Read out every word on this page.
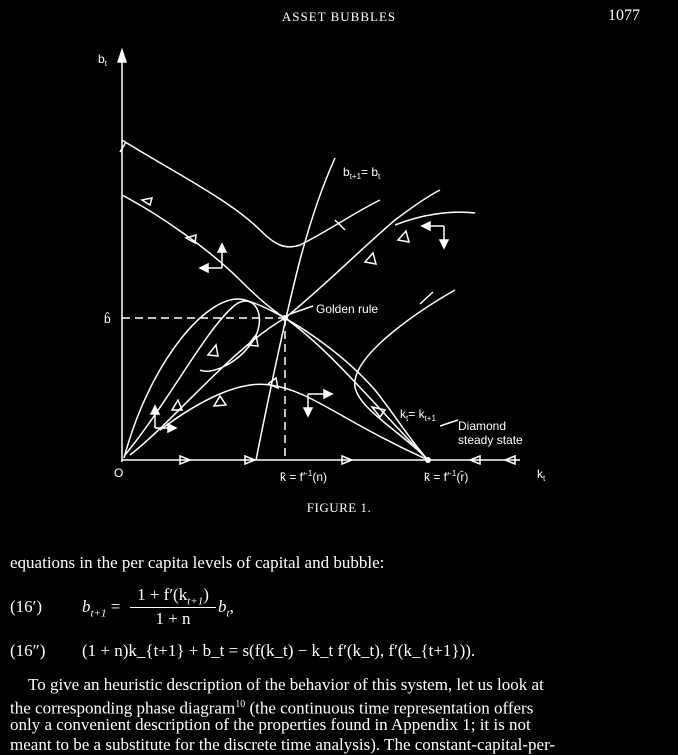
ASSET BUBBLES	1077
$b_t$
$k_t$
O
b̂
$b_{t+1}= b_t$
Golden rule
$k_t= k_{t+1}$
Diamond
steady state
k̂ = $f'^{-1}(n)$	k̄ = $f'^{-1}(r̄)$
FIGURE 1.
equations in the per capita levels of capital and bubble:
(16′) $b_{t+1}$ =
$1 + f'(k_{t+1})$
1 + n
$b_t$,
(16″) (1 + n)k_{t+1} + b_t = s(f(k_t) − k_t f′(k_t), f′(k_{t+1})).
To give an heuristic description of the behavior of this system, let us look at
the corresponding phase diagram$^{10}$ (the continuous time representation offers
only a convenient description of the properties found in Appendix 1; it is not
meant to be a substitute for the discrete time analysis). The constant-capital-per-
